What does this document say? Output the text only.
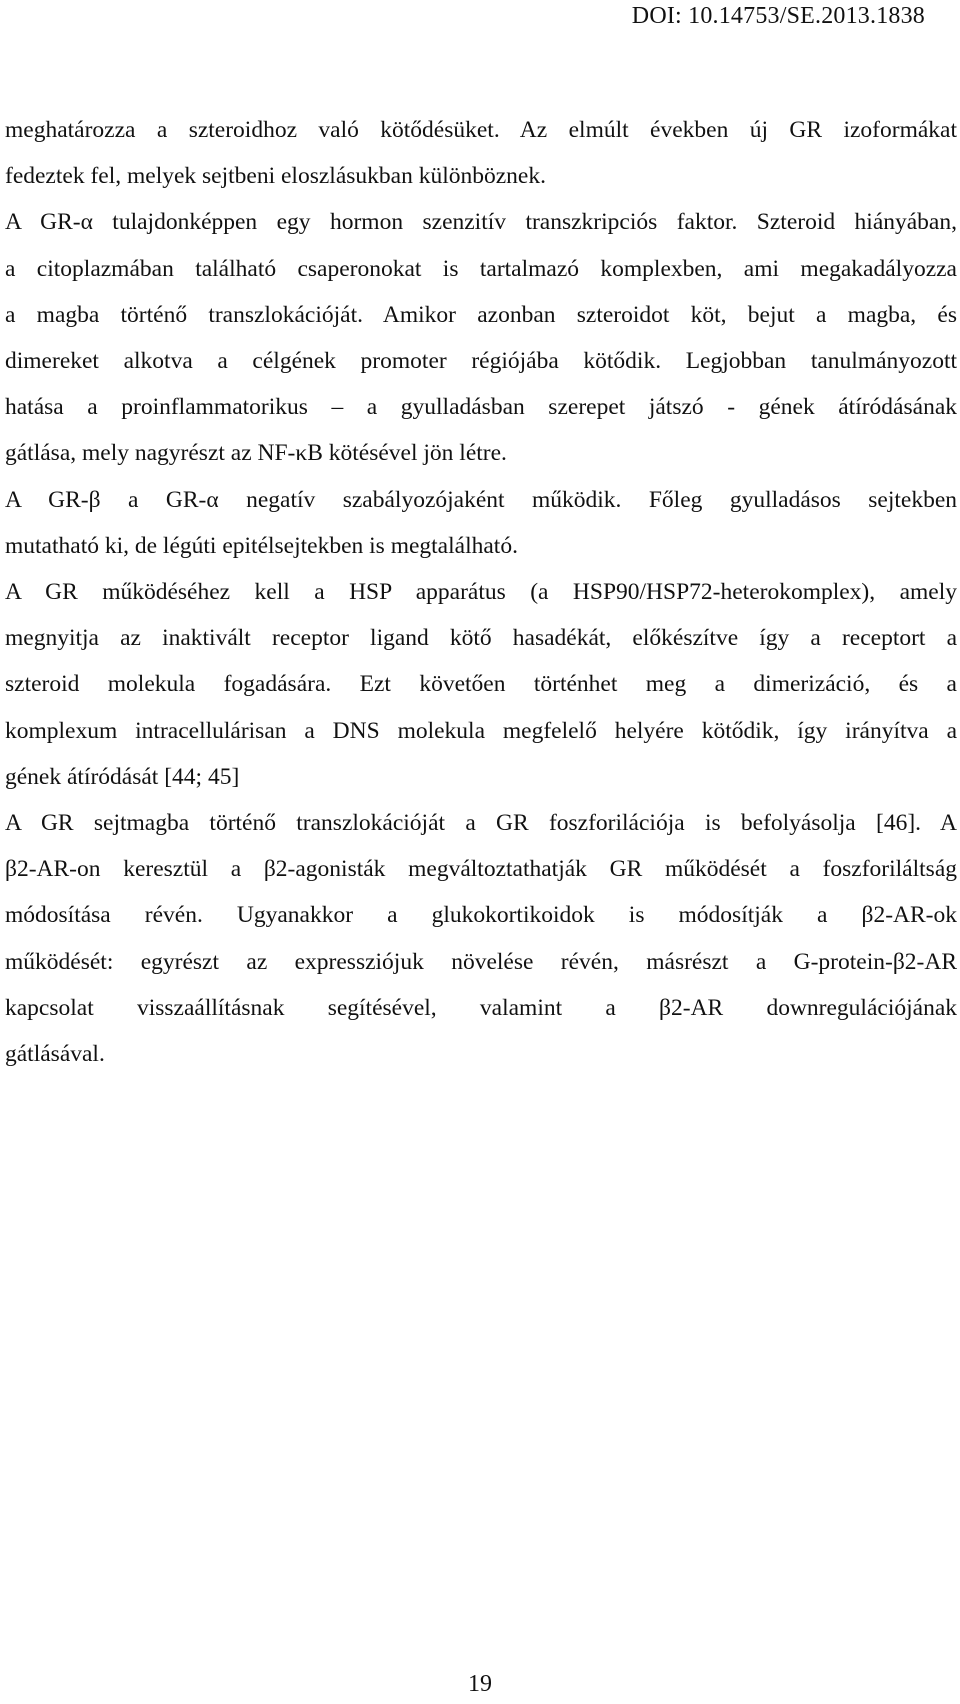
DOI: 10.14753/SE.2013.1838
meghatározza a szteroidhoz való kötődésüket. Az elmúlt években új GR izoformákat
fedeztek fel, melyek sejtbeni eloszlásukban különböznek.
A GR-α tulajdonképpen egy hormon szenzitív transzkripciós faktor. Szteroid hiányában,
a citoplazmában található csaperonokat is tartalmazó komplexben, ami megakadályozza
a magba történő transzlokációját. Amikor azonban szteroidot köt, bejut a magba, és
dimereket alkotva a célgének promoter régiójába kötődik. Legjobban tanulmányozott
hatása a proinflammatorikus – a gyulladásban szerepet játszó - gének átíródásának
gátlása, mely nagyrészt az NF-κB kötésével jön létre.
A GR-β a GR-α negatív szabályozójaként működik. Főleg gyulladásos sejtekben
mutatható ki, de légúti epitélsejtekben is megtalálható.
A GR működéséhez kell a HSP apparátus (a HSP90/HSP72-heterokomplex), amely
megnyitja az inaktivált receptor ligand kötő hasadékát, előkészítve így a receptort a
szteroid molekula fogadására. Ezt követően történhet meg a dimerizáció, és a
komplexum intracellulárisan a DNS molekula megfelelő helyére kötődik, így irányítva a
gének átíródását [44; 45]
A GR sejtmagba történő transzlokációját a GR foszforilációja is befolyásolja [46]. A
β2-AR-on keresztül a β2-agonisták megváltoztathatják GR működését a foszforiláltság
módosítása révén. Ugyanakkor a glukokortikoidok is módosítják a β2-AR-ok
működését: egyrészt az expressziójuk növelése révén, másrészt a G-protein-β2-AR
kapcsolat visszaállításnak segítésével, valamint a β2-AR downregulációjának
gátlásával.
19
